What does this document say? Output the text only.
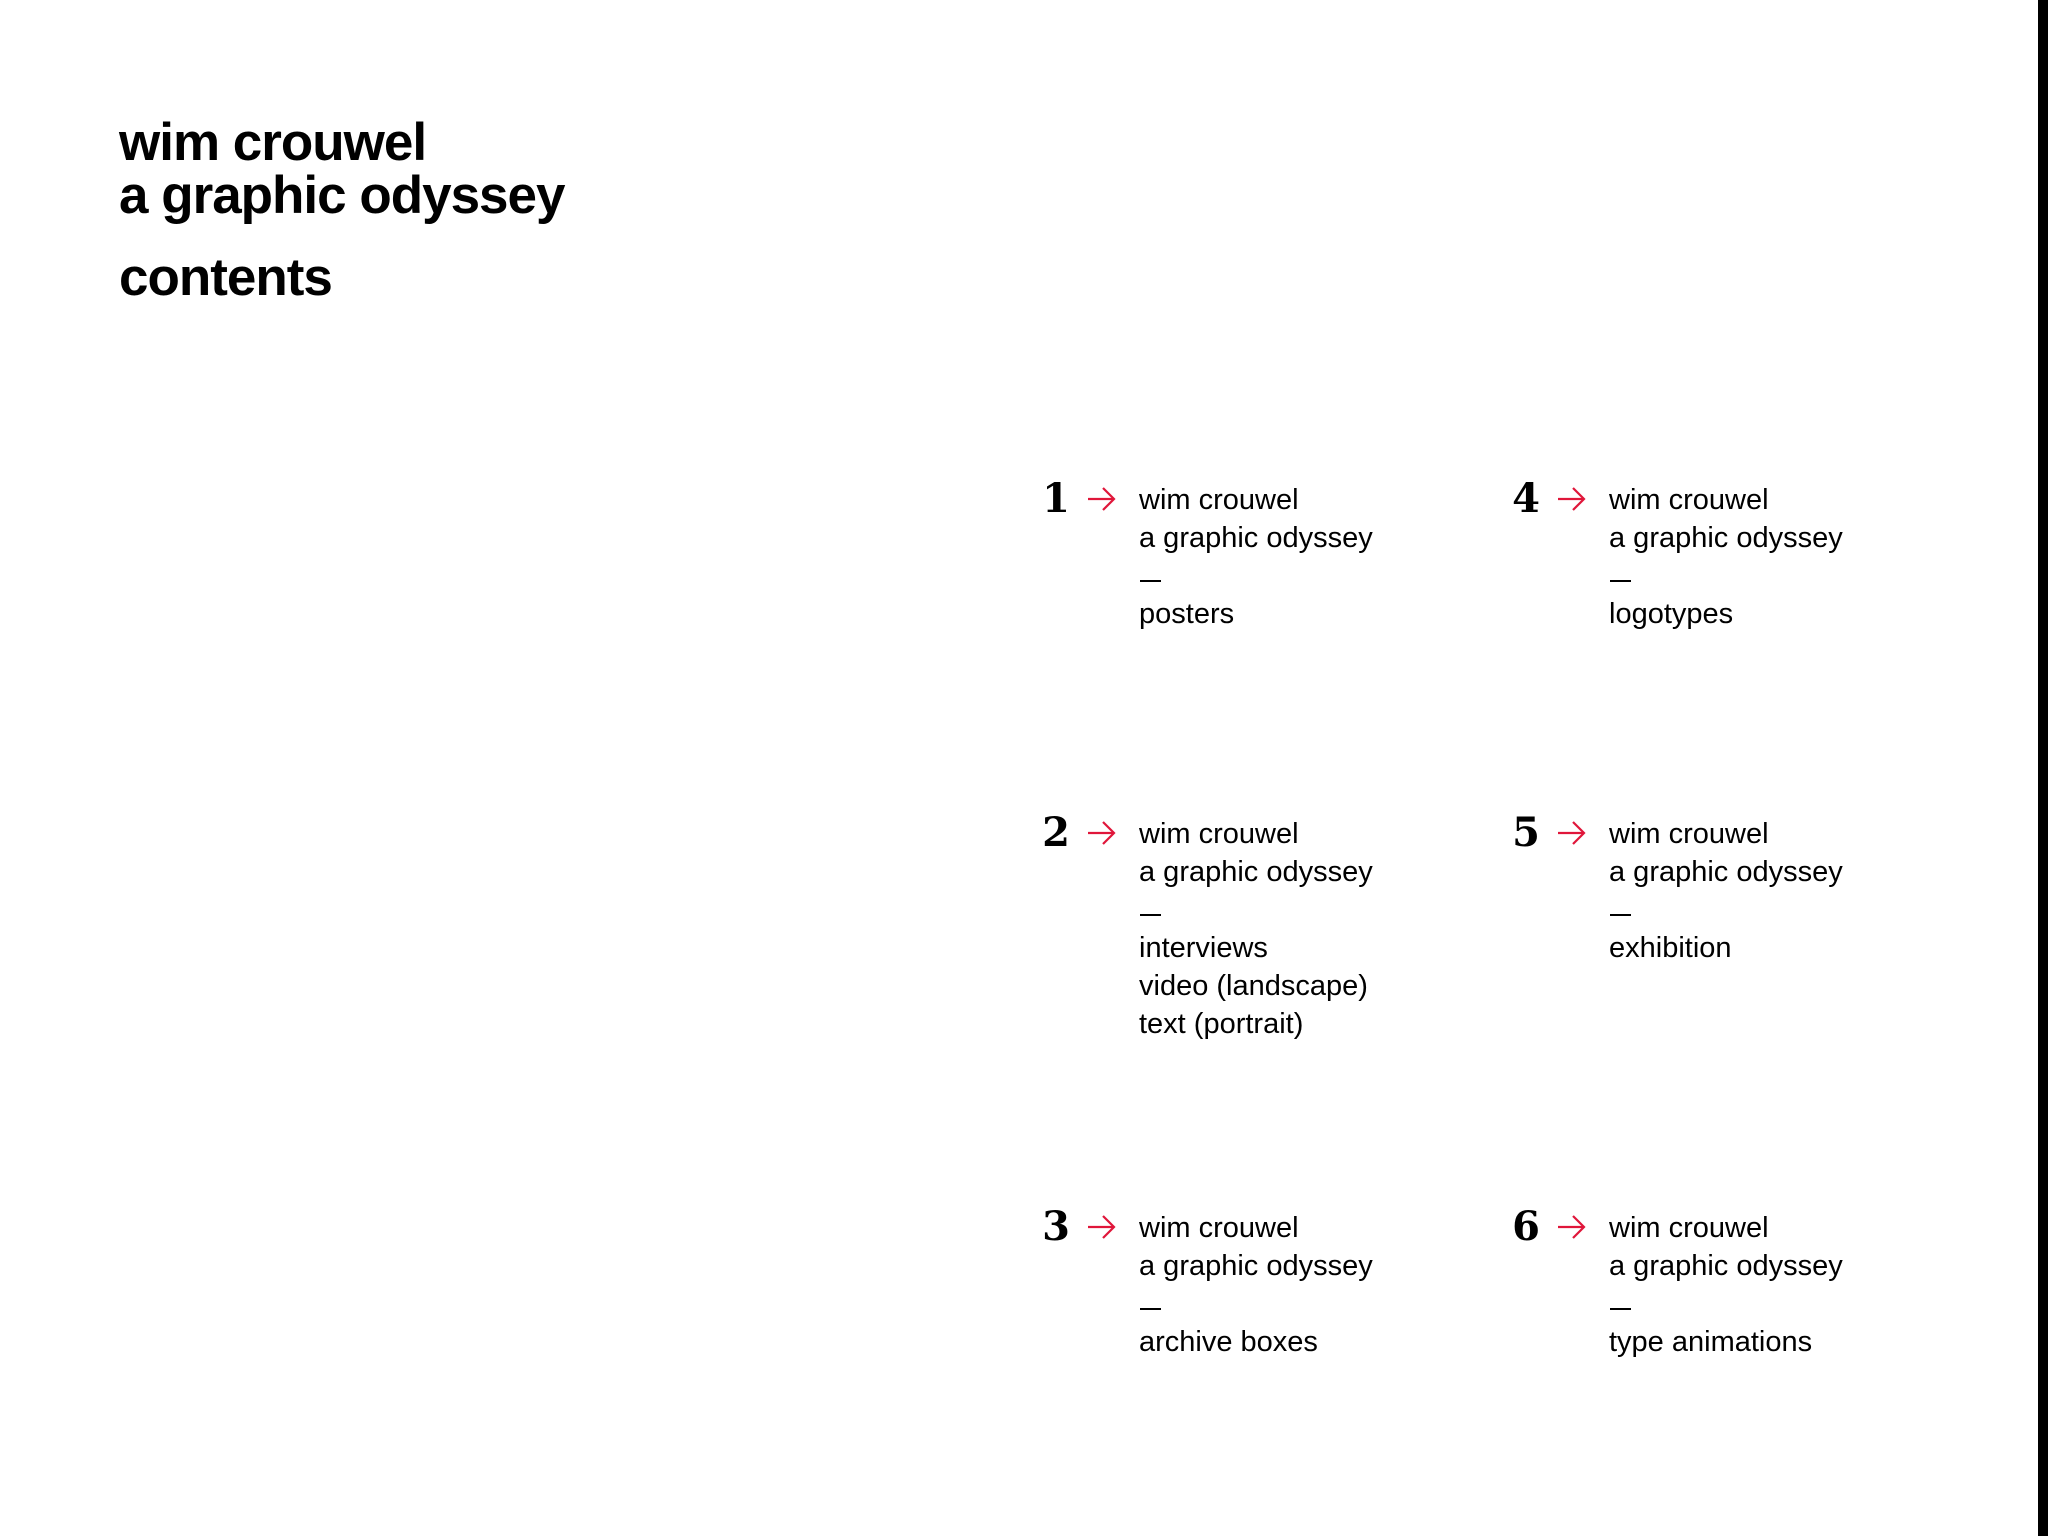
wim crouwel
a graphic odyssey
contents
1 wim crouwel
a graphic odyssey
posters
2 wim crouwel
a graphic odyssey
interviews
video (landscape)
text (portrait)
3 wim crouwel
a graphic odyssey
archive boxes
4 wim crouwel
a graphic odyssey
logotypes
5 wim crouwel
a graphic odyssey
exhibition
6 wim crouwel
a graphic odyssey
type animations
